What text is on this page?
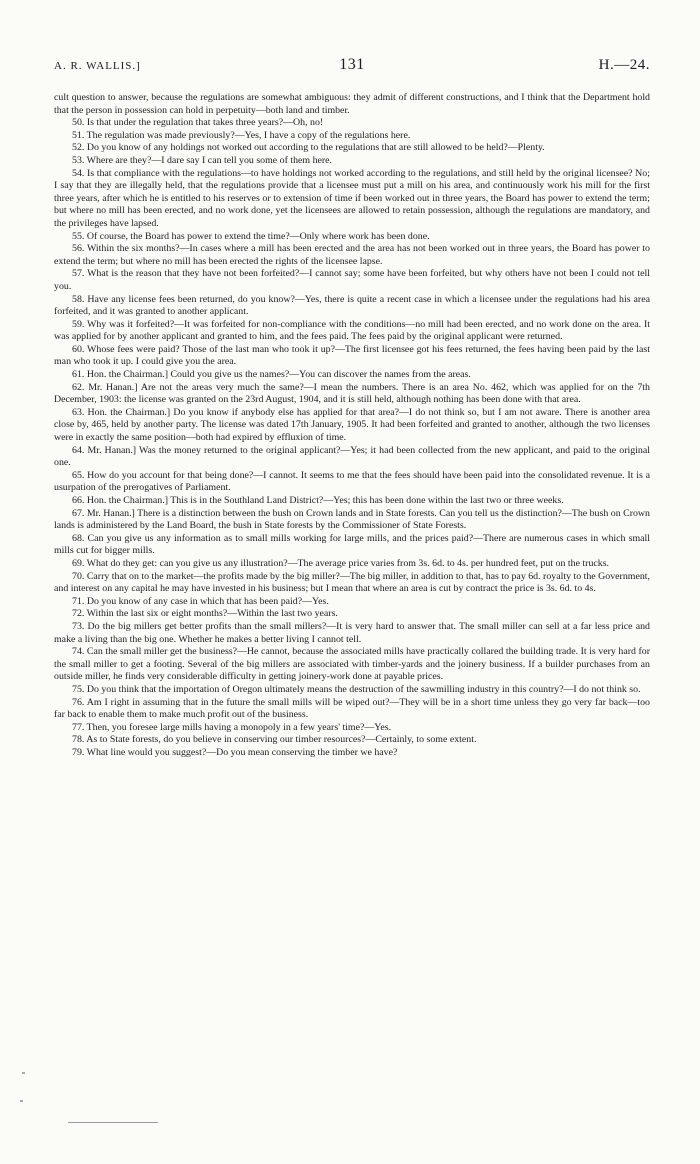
A. R. WALLIS.]	131	H.—24.

cult question to answer, because the regulations are somewhat ambiguous: they admit of different constructions, and I think that the Department hold that the person in possession can hold in perpetuity—both land and timber.

50. Is that under the regulation that takes three years?—Oh, no!

51. The regulation was made previously?—Yes, I have a copy of the regulations here.

52. Do you know of any holdings not worked out according to the regulations that are still allowed to be held?—Plenty.

53. Where are they?—I dare say I can tell you some of them here.

54. Is that compliance with the regulations—to have holdings not worked according to the regulations, and still held by the original licensee? No; I say that they are illegally held, that the regulations provide that a licensee must put a mill on his area, and continuously work his mill for the first three years, after which he is entitled to his reserves or to extension of time if been worked out in three years, the Board has power to extend the term; but where no mill has been erected, and no work done, yet the licensees are allowed to retain possession, although the regulations are mandatory, and the privileges have lapsed.

55. Of course, the Board has power to extend the time?—Only where work has been done.

56. Within the six months?—In cases where a mill has been erected and the area has not been worked out in three years, the Board has power to extend the term; but where no mill has been erected the rights of the licensee lapse.

57. What is the reason that they have not been forfeited?—I cannot say; some have been forfeited, but why others have not been I could not tell you.

58. Have any license fees been returned, do you know?—Yes, there is quite a recent case in which a licensee under the regulations had his area forfeited, and it was granted to another applicant.

59. Why was it forfeited?—It was forfeited for non-compliance with the conditions—no mill had been erected, and no work done on the area. It was applied for by another applicant and granted to him, and the fees paid. The fees paid by the original applicant were returned.

60. Whose fees were paid? Those of the last man who took it up?—The first licensee got his fees returned, the fees having been paid by the last man who took it up. I could give you the area.

61. Hon. the Chairman.] Could you give us the names?—You can discover the names from the areas.

62. Mr. Hanan.] Are not the areas very much the same?—I mean the numbers. There is an area No. 462, which was applied for on the 7th December, 1903: the license was granted on the 23rd August, 1904, and it is still held, although nothing has been done with that area.

63. Hon. the Chairman.] Do you know if anybody else has applied for that area?—I do not think so, but I am not aware. There is another area close by, 465, held by another party. The license was dated 17th January, 1905. It had been forfeited and granted to another, although the two licenses were in exactly the same position—both had expired by effluxion of time.

64. Mr. Hanan.] Was the money returned to the original applicant?—Yes; it had been collected from the new applicant, and paid to the original one.

65. How do you account for that being done?—I cannot. It seems to me that the fees should have been paid into the consolidated revenue. It is a usurpation of the prerogatives of Parliament.

66. Hon. the Chairman.] This is in the Southland Land District?—Yes; this has been done within the last two or three weeks.

67. Mr. Hanan.] There is a distinction between the bush on Crown lands and in State forests. Can you tell us the distinction?—The bush on Crown lands is administered by the Land Board, the bush in State forests by the Commissioner of State Forests.

68. Can you give us any information as to small mills working for large mills, and the prices paid?—There are numerous cases in which small mills cut for bigger mills.

69. What do they get: can you give us any illustration?—The average price varies from 3s. 6d. to 4s. per hundred feet, put on the trucks.

70. Carry that on to the market—the profits made by the big miller?—The big miller, in addition to that, has to pay 6d. royalty to the Government, and interest on any capital he may have invested in his business; but I mean that where an area is cut by contract the price is 3s. 6d. to 4s.

71. Do you know of any case in which that has been paid?—Yes.

72. Within the last six or eight months?—Within the last two years.

73. Do the big millers get better profits than the small millers?—It is very hard to answer that. The small miller can sell at a far less price and make a living than the big one. Whether he makes a better living I cannot tell.

74. Can the small miller get the business?—He cannot, because the associated mills have practically collared the building trade. It is very hard for the small miller to get a footing. Several of the big millers are associated with timber-yards and the joinery business. If a builder purchases from an outside miller, he finds very considerable difficulty in getting joinery-work done at payable prices.

75. Do you think that the importation of Oregon ultimately means the destruction of the sawmilling industry in this country?—I do not think so.

76. Am I right in assuming that in the future the small mills will be wiped out?—They will be in a short time unless they go very far back—too far back to enable them to make much profit out of the business.

77. Then, you foresee large mills having a monopoly in a few years' time?—Yes.

78. As to State forests, do you believe in conserving our timber resources?—Certainly, to some extent.

79. What line would you suggest?—Do you mean conserving the timber we have?
